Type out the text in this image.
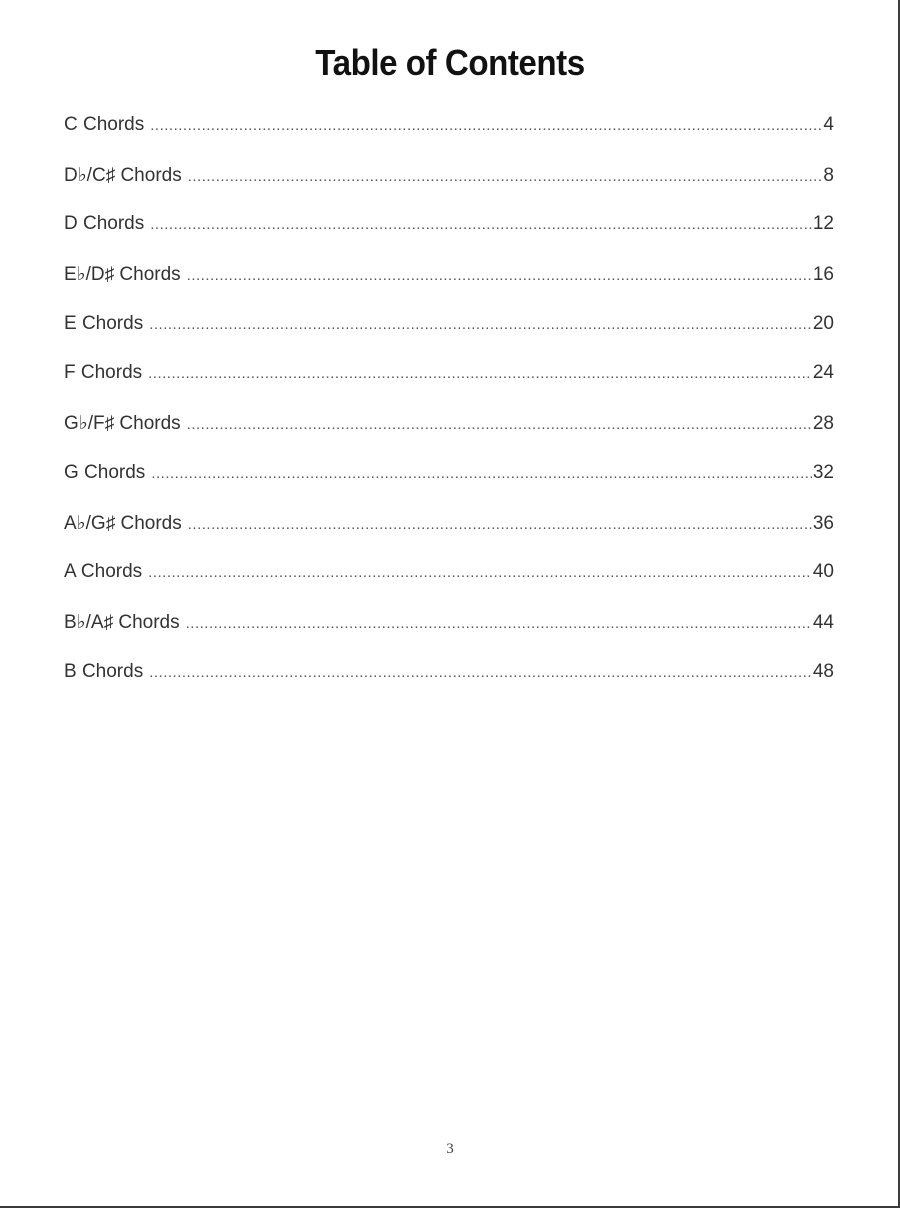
Table of Contents
C Chords .....	4
D♭/C♯ Chords .....	8
D Chords .....	12
E♭/D♯ Chords .....	16
E Chords .....	20
F Chords .....	24
G♭/F♯ Chords .....	28
G Chords .....	32
A♭/G♯ Chords .....	36
A Chords .....	40
B♭/A♯ Chords .....	44
B Chords .....	48
3
